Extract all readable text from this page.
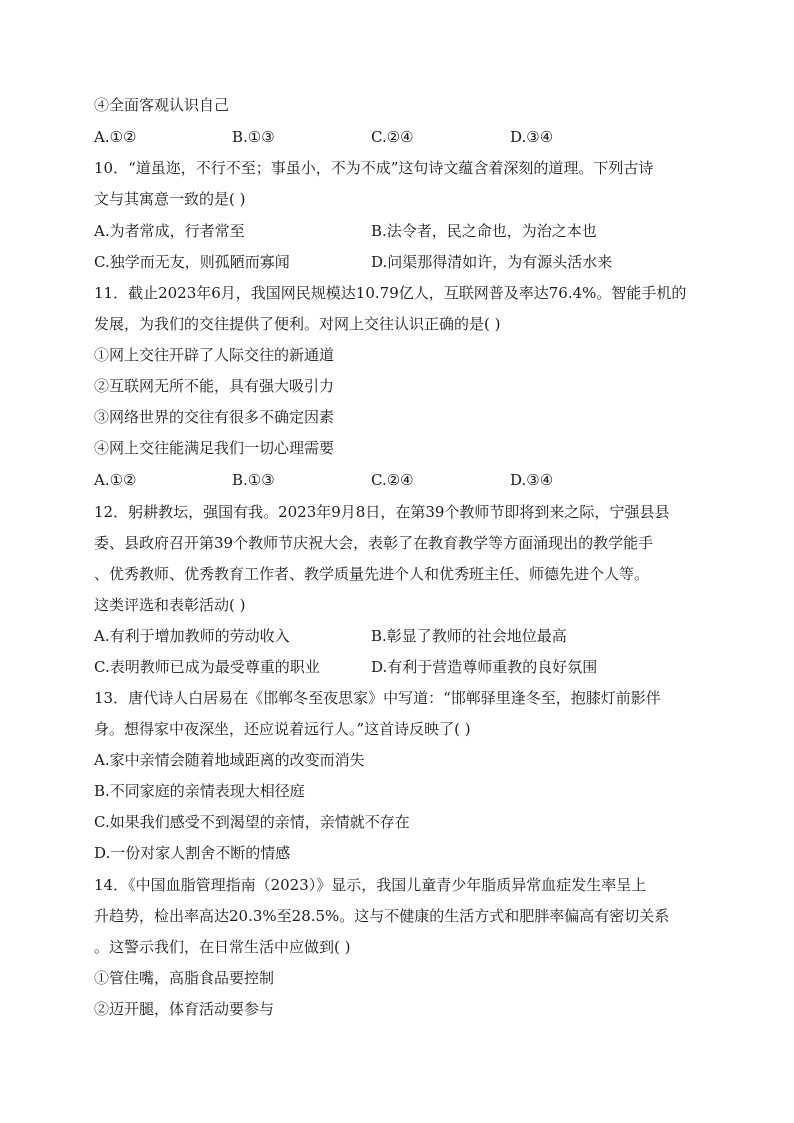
④全面客观认识自己
A.①②	B.①③	C.②④	D.③④
10．“道虽迩，不行不至；事虽小，不为不成”这句诗文蕴含着深刻的道理。下列古诗
文与其寓意一致的是( )
A.为者常成，行者常至	B.法令者，民之命也，为治之本也
C.独学而无友，则孤陋而寡闻	D.问渠那得清如许，为有源头活水来
11．截止2023年6月，我国网民规模达10.79亿人，互联网普及率达76.4%。智能手机的
发展，为我们的交往提供了便利。对网上交往认识正确的是( )
①网上交往开辟了人际交往的新通道
②互联网无所不能，具有强大吸引力
③网络世界的交往有很多不确定因素
④网上交往能满足我们一切心理需要
A.①②	B.①③	C.②④	D.③④
12．躬耕教坛，强国有我。2023年9月8日，在第39个教师节即将到来之际，宁强县县
委、县政府召开第39个教师节庆祝大会，表彰了在教育教学等方面涌现出的教学能手
、优秀教师、优秀教育工作者、教学质量先进个人和优秀班主任、师德先进个人等。
这类评选和表彰活动( )
A.有利于增加教师的劳动收入	B.彰显了教师的社会地位最高
C.表明教师已成为最受尊重的职业	D.有利于营造尊师重教的良好氛围
13．唐代诗人白居易在《邯郸冬至夜思家》中写道：“邯郸驿里逢冬至，抱膝灯前影伴
身。想得家中夜深坐，还应说着远行人。”这首诗反映了( )
A.家中亲情会随着地域距离的改变而消失
B.不同家庭的亲情表现大相径庭
C.如果我们感受不到渴望的亲情，亲情就不存在
D.一份对家人割舍不断的情感
14．《中国血脂管理指南（2023）》显示，我国儿童青少年脂质异常血症发生率呈上
升趋势，检出率高达20.3%至28.5%。这与不健康的生活方式和肥胖率偏高有密切关系
。这警示我们，在日常生活中应做到( )
①管住嘴，高脂食品要控制
②迈开腿，体育活动要参与
